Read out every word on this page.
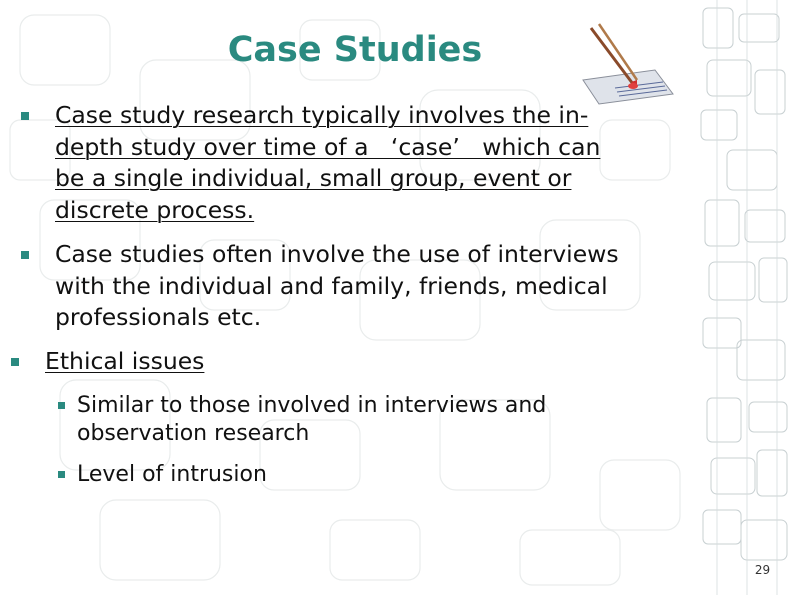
Case Studies
Case study research typically involves the in-
depth study over time of a   ‘case’   which can
be a single individual, small group, event or
discrete process.
Case studies often involve the use of interviews
with the individual and family, friends, medical
professionals etc.
Ethical issues
Similar to those involved in interviews and
observation research
Level of intrusion
29
